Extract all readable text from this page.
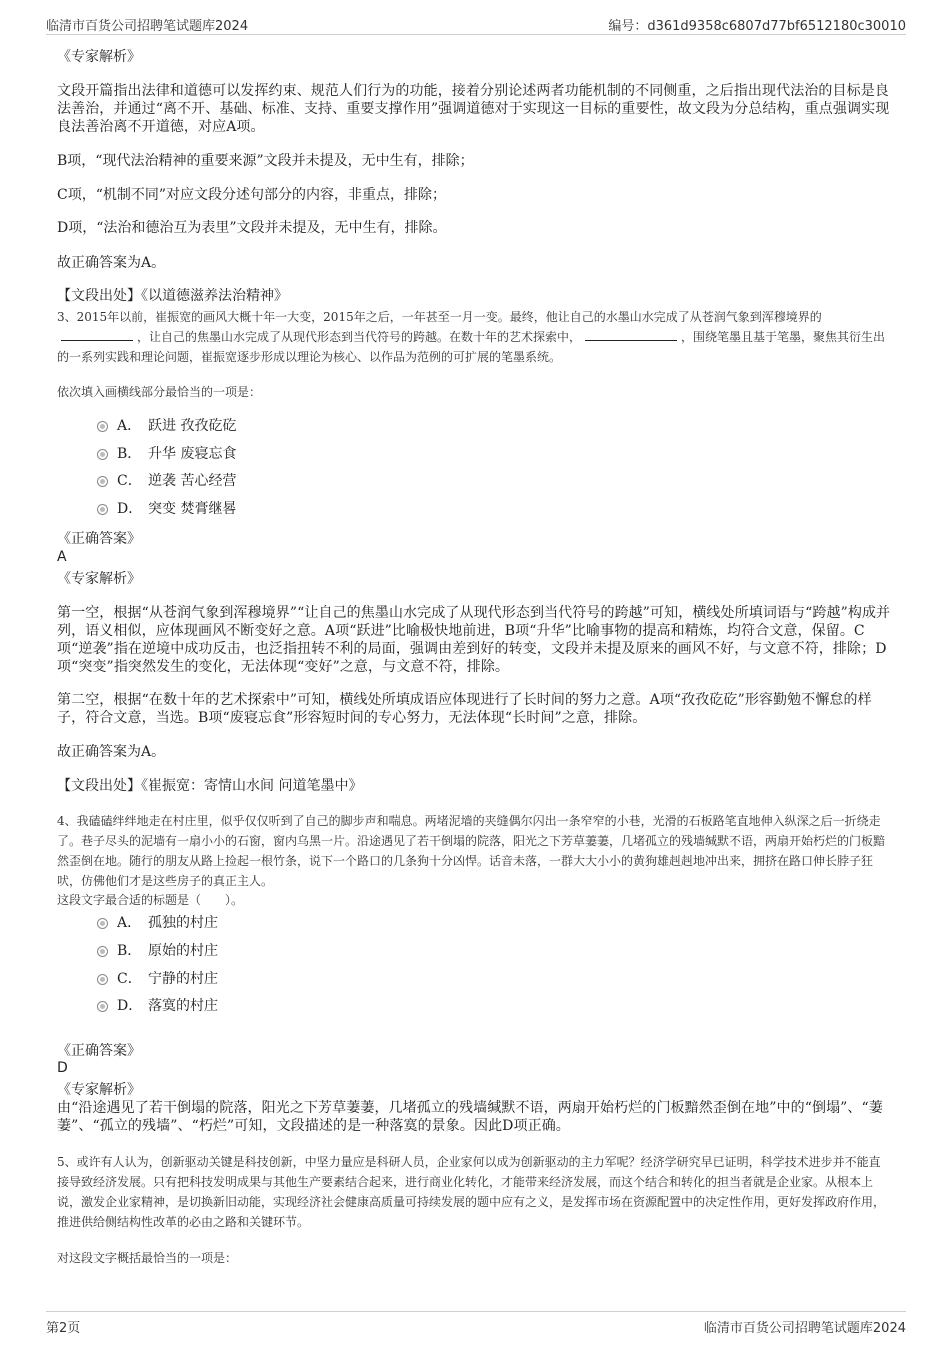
临清市百货公司招聘笔试题库2024	编号：d361d9358c6807d77bf6512180c30010
《专家解析》
文段开篇指出法律和道德可以发挥约束、规范人们行为的功能，接着分别论述两者功能机制的不同侧重，之后指出现代法治的目标是良法善治，并通过“离不开、基础、标准、支持、重要支撑作用”强调道德对于实现这一目标的重要性，故文段为分总结构，重点强调实现良法善治离不开道德，对应A项。
B项，“现代法治精神的重要来源”文段并未提及，无中生有，排除；
C项，“机制不同”对应文段分述句部分的内容，非重点，排除；
D项，“法治和德治互为表里”文段并未提及，无中生有，排除。
故正确答案为A。
【文段出处】《以道德滋养法治精神》
3、2015年以前，崔振宽的画风大概十年一大变，2015年之后，一年甚至一月一变。最终，他让自己的水墨山水完成了从苍润气象到浑穆境界的，让自己的焦墨山水完成了从现代形态到当代符号的跨越。在数十年的艺术探索中，	，围绕笔墨且基于笔墨，聚焦其衍生出的一系列实践和理论问题，崔振宽逐步形成以理论为核心、以作品为范例的可扩展的笔墨系统。
依次填入画横线部分最恰当的一项是：
A． 跃进 孜孜矻矻
B． 升华 废寝忘食
C． 逆袭 苦心经营
D． 突变 焚膏继晷
《正确答案》
A
《专家解析》
第一空，根据“从苍润气象到浑穆境界”“让自己的焦墨山水完成了从现代形态到当代符号的跨越”可知，横线处所填词语与“跨越”构成并列，语义相似，应体现画风不断变好之意。A项“跃进”比喻极快地前进，B项“升华”比喻事物的提高和精炼，均符合文意，保留。C项“逆袭”指在逆境中成功反击，也泛指扭转不利的局面，强调由差到好的转变，文段并未提及原来的画风不好，与文意不符，排除；D项“突变”指突然发生的变化，无法体现“变好”之意，与文意不符，排除。
第二空，根据“在数十年的艺术探索中”可知，横线处所填成语应体现进行了长时间的努力之意。A项“孜孜矻矻”形容勤勉不懈怠的样子，符合文意，当选。B项“废寝忘食”形容短时间的专心努力，无法体现“长时间”之意，排除。
故正确答案为A。
【文段出处】《崔振宽：寄情山水间 问道笔墨中》
4、我磕磕绊绊地走在村庄里，似乎仅仅听到了自己的脚步声和喘息。两堵泥墙的夹缝偶尔闪出一条窄窄的小巷，光滑的石板路笔直地伸入纵深之后一折绕走了。巷子尽头的泥墙有一扇小小的石窗，窗内乌黑一片。沿途遇见了若干倒塌的院落，阳光之下芳草萋萋，几堵孤立的残墙缄默不语，两扇开始朽烂的门板黯然歪倒在地。随行的朋友从路上捡起一根竹条，说下一个路口的几条狗十分凶悍。话音未落，一群大大小小的黄狗雄赳赳地冲出来，拥挤在路口伸长脖子狂吠，仿佛他们才是这些房子的真正主人。
这段文字最合适的标题是（　　）。
A． 孤独的村庄
B． 原始的村庄
C． 宁静的村庄
D． 落寞的村庄
《正确答案》
D
《专家解析》
由“沿途遇见了若干倒塌的院落，阳光之下芳草萋萋，几堵孤立的残墙缄默不语，两扇开始朽烂的门板黯然歪倒在地”中的“倒塌”、“萋萋”、“孤立的残墙”、“朽烂”可知，文段描述的是一种落寞的景象。因此D项正确。
5、或许有人认为，创新驱动关键是科技创新，中坚力量应是科研人员，企业家何以成为创新驱动的主力军呢？经济学研究早已证明，科学技术进步并不能直接导致经济发展。只有把科技发明成果与其他生产要素结合起来，进行商业化转化，才能带来经济发展，而这个结合和转化的担当者就是企业家。从根本上说，激发企业家精神，是切换新旧动能，实现经济社会健康高质量可持续发展的题中应有之义，是发挥市场在资源配置中的决定性作用，更好发挥政府作用，推进供给侧结构性改革的必由之路和关键环节。
对这段文字概括最恰当的一项是：
第2页	临清市百货公司招聘笔试题库2024
